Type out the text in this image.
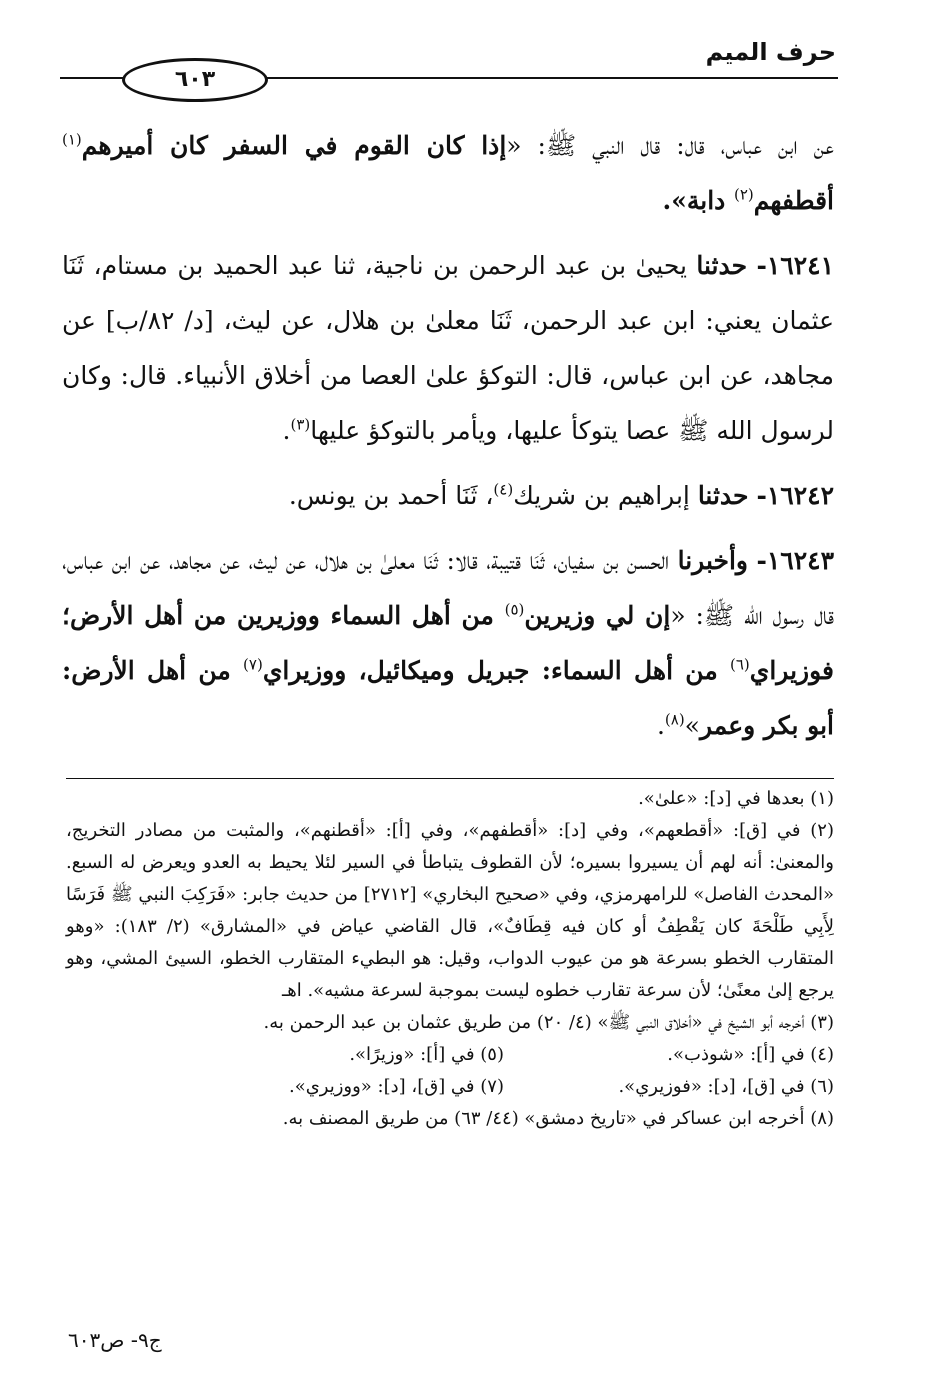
حرف الميم
٦٠٣

عن ابن عباس، قال: قال النبي ﷺ: «إذا كان القوم في السفر كان أميرهم$^{(١)}$ أقطفهم$^{(٢)}$ دابة».

١٦٢٤١- حدثنا يحيىٰ بن عبد الرحمن بن ناجية، ثنا عبد الحميد بن مستام، ثَنَا عثمان يعني: ابن عبد الرحمن، ثَنَا معلىٰ بن هلال، عن ليث، [د/ ٨٢/ب] عن مجاهد، عن ابن عباس، قال: التوكؤ علىٰ العصا من أخلاق الأنبياء. قال: وكان لرسول الله ﷺ عصا يتوكأ عليها، ويأمر بالتوكؤ عليها$^{(٣)}$.

١٦٢٤٢- حدثنا إبراهيم بن شريك$^{(٤)}$، ثَنَا أحمد بن يونس.

١٦٢٤٣- وأخبرنا الحسن بن سفيان، ثَنَا قتيبة، قالا: ثَنَا معلىٰ بن هلال، عن ليث، عن مجاهد، عن ابن عباس، قال رسول الله ﷺ: «إن لي وزيرين$^{(٥)}$ من أهل السماء ووزيرين من أهل الأرض؛ فوزيراي$^{(٦)}$ من أهل السماء: جبريل وميكائيل، ووزيراي$^{(٧)}$ من أهل الأرض: أبو بكر وعمر»$^{(٨)}$.

(١) بعدها في [د]: «علىٰ».

(٢) في [ق]: «أقطعهم»، وفي [د]: «أقطفهم»، وفي [أ]: «أقطنهم»، والمثبت من مصادر التخريج، والمعنىٰ: أنه لهم أن يسيروا بسيره؛ لأن القطوف يتباطأ في السير لئلا يحيط به العدو ويعرض له السبع. «المحدث الفاصل» للرامهرمزي، وفي «صحيح البخاري» [٢٧١٢] من حديث جابر: «فَرَكِبَ النبي ﷺ فَرَسًا لِأَبِي طَلْحَةَ كان يَقْطِفُ أو كان فيه قِطَافٌ»، قال القاضي عياض في «المشارق» (٢/ ١٨٣): «وهو المتقارب الخطو بسرعة هو من عيوب الدواب، وقيل: هو البطيء المتقارب الخطو، السيئ المشي، وهو يرجع إلىٰ معنًىٰ؛ لأن سرعة تقارب خطوه ليست بموجبة لسرعة مشيه». اهـ

(٣) أخرجه أبو الشيخ في «أخلاق النبي ﷺ» (٤/ ٢٠) من طريق عثمان بن عبد الرحمن به.

(٤) في [أ]: «شوذب».
(٥) في [أ]: «وزيرًا».
(٦) في [ق]، [د]: «فوزيري».
(٧) في [ق]، [د]: «ووزيري».

(٨) أخرجه ابن عساكر في «تاريخ دمشق» (٤٤/ ٦٣) من طريق المصنف به.

ج٩- ص٦٠٣
